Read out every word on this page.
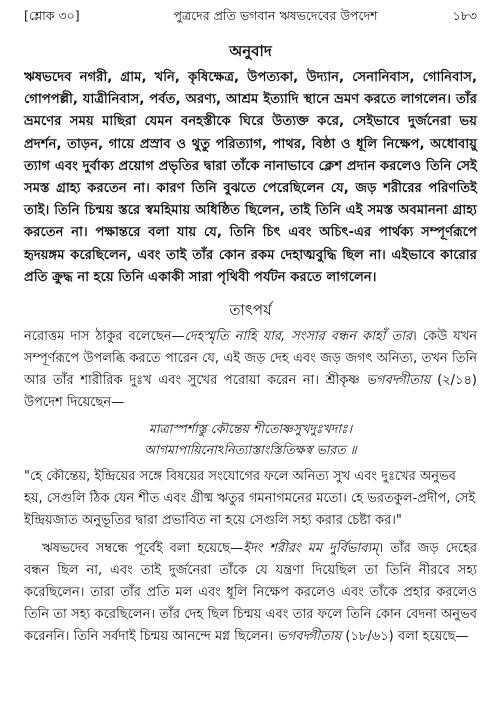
[শ্লোক ৩০]	পুত্রদের প্রতি ভগবান ঋষভদেবের উপদেশ	১৮৩
অনুবাদ

ঋষভদেব নগরী, গ্রাম, খনি, কৃষিক্ষেত্র, উপত্যকা, উদ্যান, সেনানিবাস, গোনিবাস, গোপপল্লী, যাত্রীনিবাস, পর্বত, অরণ্য, আশ্রম ইত্যাদি স্থানে ভ্রমণ করতে লাগলেন। তাঁর ভ্রমণের সময় মাছিরা যেমন বনহস্তীকে ঘিরে উত্যক্ত করে, সেইভাবে দুর্জনেরা ভয় প্রদর্শন, তাড়ন, গায়ে প্রস্রাব ও থুতু পরিত্যাগ, পাথর, বিষ্ঠা ও ধূলি নিক্ষেপ, অধোবায়ু ত্যাগ এবং দুর্বাক্য প্রয়োগ প্রভৃতির দ্বারা তাঁকে নানাভাবে ক্লেশ প্রদান করলেও তিনি সেই সমস্ত গ্রাহ্য করতেন না। কারণ তিনি বুঝতে পেরেছিলেন যে, জড় শরীরের পরিণতিই তাই। তিনি চিন্ময় স্তরে স্বমহিমায় অধিষ্ঠিত ছিলেন, তাই তিনি এই সমস্ত অবমাননা গ্রাহ্য করতেন না। পক্ষান্তরে বলা যায় যে, তিনি চিৎ এবং অচিৎ-এর পার্থক্য সম্পূর্ণরূপে হৃদয়ঙ্গম করেছিলেন, এবং তাই তাঁর কোন রকম দেহাত্মবুদ্ধি ছিল না। এইভাবে কারোর প্রতি ক্রুদ্ধ না হয়ে তিনি একাকী সারা পৃথিবী পর্যটন করতে লাগলেন।

তাৎপর্য

নরোত্তম দাস ঠাকুর বলেছেন—দেহস্মৃতি নাহি যার, সংসার বন্ধন কাহাঁ তার। কেউ যখন সম্পূর্ণরূপে উপলব্ধি করতে পারেন যে, এই জড় দেহ এবং জড় জগৎ অনিত্য, তখন তিনি আর তাঁর শারীরিক দুঃখ এবং সুখের পরোয়া করেন না। শ্রীকৃষ্ণ ভগবদ্গীতায় (২/১৪) উপদেশ দিয়েছেন—

মাত্রাস্পর্শাস্তু কৌন্তেয় শীতোষ্ণসুখদুঃখদাঃ।
আগমাপায়িনোঽনিত্যাস্তাংস্তিতিক্ষস্ব ভারত ॥

"হে কৌন্তেয়, ইন্দ্রিয়ের সঙ্গে বিষয়ের সংযোগের ফলে অনিত্য সুখ এবং দুঃখের অনুভব হয়, সেগুলি ঠিক যেন শীত এবং গ্রীষ্ম ঋতুর গমনাগমনের মতো। হে ভরতকুল-প্রদীপ, সেই ইন্দ্রিয়জাত অনুভূতির দ্বারা প্রভাবিত না হয়ে সেগুলি সহ্য করার চেষ্টা কর।"

ঋষভদেব সম্বন্ধে পূর্বেই বলা হয়েছে—ইদং শরীরং মম দুর্বিভাব্যম্। তাঁর জড় দেহের বন্ধন ছিল না, এবং তাই দুর্জনেরা তাঁকে যে যন্ত্রণা দিয়েছিল তা তিনি নীরবে সহ্য করেছিলেন। তারা তাঁর প্রতি মল এবং ধূলি নিক্ষেপ করলেও এবং তাঁকে প্রহার করলেও তিনি তা সহ্য করেছিলেন। তাঁর দেহ ছিল চিন্ময় এবং তার ফলে তিনি কোন বেদনা অনুভব করেননি। তিনি সর্বদাই চিন্ময় আনন্দে মগ্ন ছিলেন। ভগবদ্গীতায় (১৮/৬১) বলা হয়েছে—
